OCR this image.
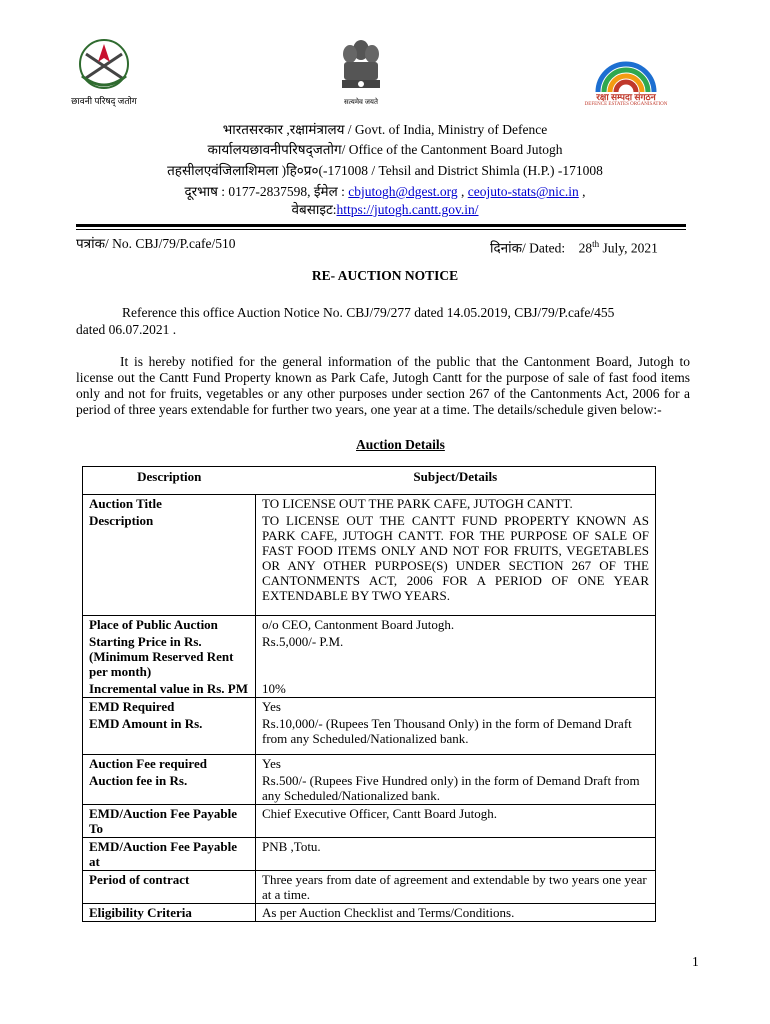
छावनी परिषद् जतोग	सत्यमेव जयते	रक्षा सम्पदा संगठन
DEFENCE ESTATES ORGANISATION
भारतसरकार ,रक्षामंत्रालय / Govt. of India, Ministry of Defence
कार्यालयछावनीपरिषद्जतोग/ Office of the Cantonment Board Jutogh
तहसीलएवंजिलाशिमला )हि०प्र०(-171008 / Tehsil and District Shimla (H.P.) -171008
दूरभाष : 0177-2837598, ईमेल : cbjutogh@dgest.org , ceojuto-stats@nic.in ,
वेबसाइट:https://jutogh.cantt.gov.in/
पत्रांक/ No. CBJ/79/P.cafe/510	दिनांक/ Dated:    28th July, 2021
RE- AUCTION NOTICE
Reference this office Auction Notice No. CBJ/79/277 dated 14.05.2019, CBJ/79/P.cafe/455
dated 06.07.2021 .
It is hereby notified for the general information of the public that the Cantonment Board, Jutogh to license out the Cantt Fund Property known as Park Cafe, Jutogh Cantt for the purpose of sale of fast food items only and not for fruits, vegetables or any other purposes under section 267 of the Cantonments Act, 2006 for a period of three years extendable for further two years, one year at a time. The details/schedule given below:-
Auction Details
Description	Subject/Details
Auction Title	TO LICENSE OUT THE PARK CAFE, JUTOGH CANTT.
Description	TO LICENSE OUT THE CANTT FUND PROPERTY KNOWN AS PARK CAFE, JUTOGH CANTT. FOR THE PURPOSE OF SALE OF FAST FOOD ITEMS ONLY AND NOT FOR FRUITS, VEGETABLES OR ANY OTHER PURPOSE(S) UNDER SECTION 267 OF THE CANTONMENTS ACT, 2006 FOR A PERIOD OF ONE YEAR EXTENDABLE BY TWO YEARS.
Place of Public Auction	o/o CEO, Cantonment Board Jutogh.
Starting Price in Rs. (Minimum Reserved Rent per month)	Rs.5,000/- P.M.
Incremental value in Rs. PM	10%
EMD Required	Yes
EMD Amount in Rs.	Rs.10,000/- (Rupees Ten Thousand Only) in the form of Demand Draft from any Scheduled/Nationalized bank.
Auction Fee required	Yes
Auction fee in Rs.	Rs.500/- (Rupees Five Hundred only) in the form of Demand Draft from any Scheduled/Nationalized bank.
EMD/Auction Fee Payable To	Chief Executive Officer, Cantt Board Jutogh.
EMD/Auction Fee Payable at	PNB ,Totu.
Period of contract	Three years from date of agreement and extendable by two years one year at a time.
Eligibility Criteria	As per Auction Checklist and Terms/Conditions.
1
